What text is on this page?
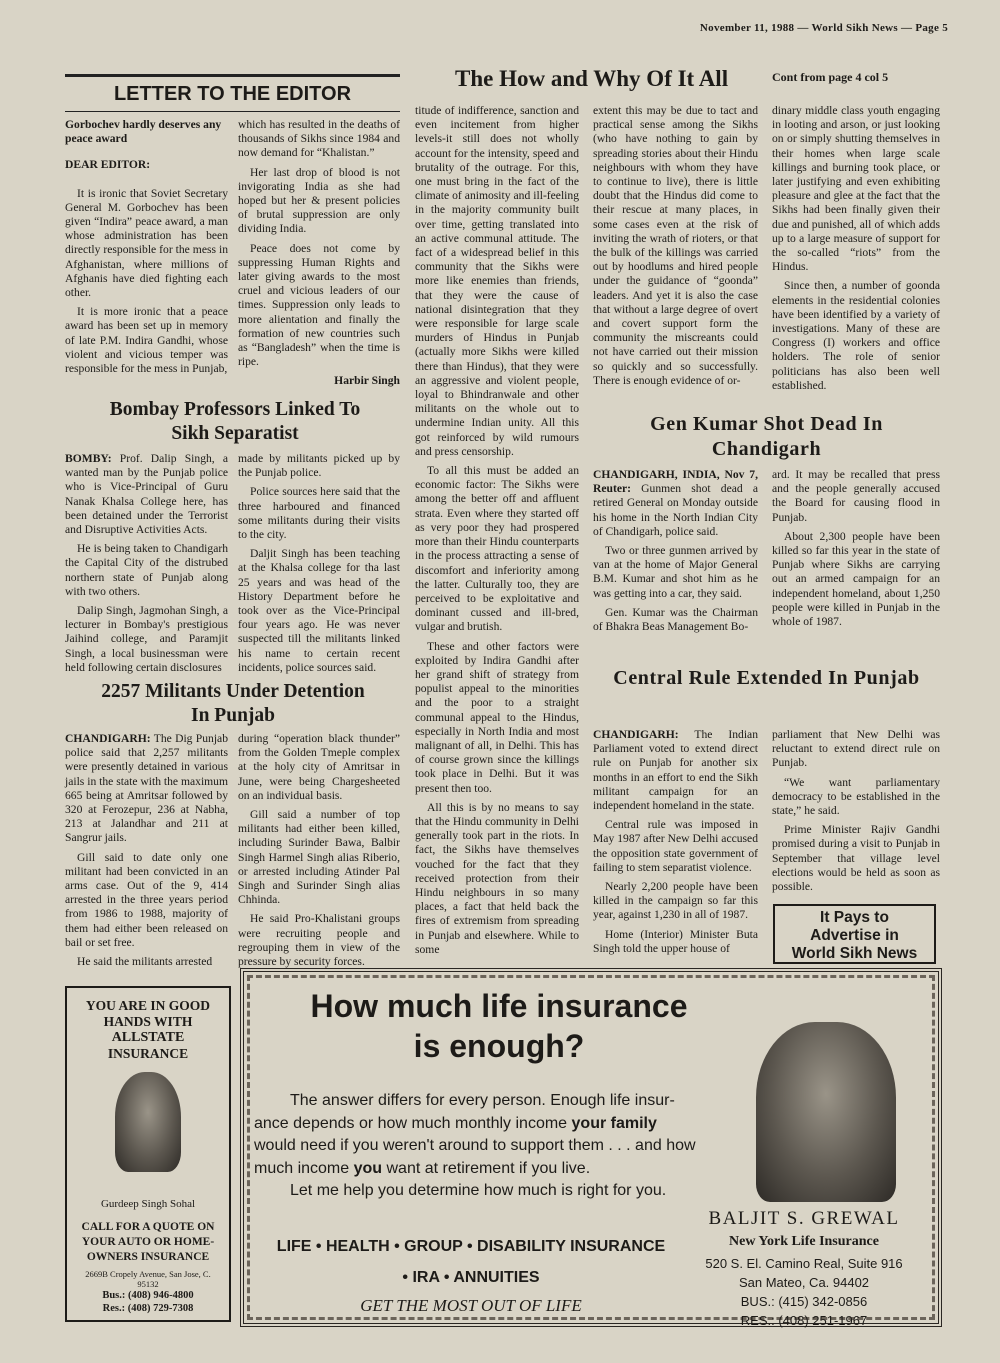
November 11, 1988 — World Sikh News — Page 5
LETTER TO THE EDITOR

Gorbochev hardly deserves any peace award

DEAR EDITOR:

It is ironic that Soviet Secretary General M. Gorbochev has been given “Indira” peace award, a man whose administration has been directly responsible for the mess in Afghanistan, where millions of Afghanis have died fighting each other.

It is more ironic that a peace award has been set up in memory of late P.M. Indira Gandhi, whose violent and vicious temper was responsible for the mess in Punjab,

which has resulted in the deaths of thousands of Sikhs since 1984 and now demand for “Khalistan.”

Her last drop of blood is not invigorating India as she had hoped but her & present policies of brutal suppression are only dividing India.

Peace does not come by suppressing Human Rights and later giving awards to the most cruel and vicious leaders of our times. Suppression only leads to more alientation and finally the formation of new countries such as “Bangladesh” when the time is ripe.

Harbir Singh

Bombay Professors Linked To Sikh Separatist

BOMBY: Prof. Dalip Singh, a wanted man by the Punjab police who is Vice-Principal of Guru Nanak Khalsa College here, has been detained under the Terrorist and Disruptive Activities Acts.

He is being taken to Chandigarh the Capital City of the distrubed northern state of Punjab along with two others.

Dalip Singh, Jagmohan Singh, a lecturer in Bombay's prestigious Jaihind college, and Paramjit Singh, a local businessman were held following certain disclosures

made by militants picked up by the Punjab police.

Police sources here said that the three harboured and financed some militants during their visits to the city.

Daljit Singh has been teaching at the Khalsa college for tha last 25 years and was head of the History Department before he took over as the Vice-Principal four years ago. He was never suspected till the militants linked his name to certain recent incidents, police sources said.

2257 Militants Under Detention In Punjab

CHANDIGARH: The Dig Punjab police said that 2,257 militants were presently detained in various jails in the state with the maximum 665 being at Amritsar followed by 320 at Ferozepur, 236 at Nabha, 213 at Jalandhar and 211 at Sangrur jails.

Gill said to date only one militant had been convicted in an arms case. Out of the 9, 414 arrested in the three years period from 1986 to 1988, majority of them had either been released on bail or set free.

He said the militants arrested

during “operation black thunder” from the Golden Tmeple complex at the holy city of Amritsar in June, were being Chargesheeted on an individual basis.

Gill said a number of top militants had either been killed, including Surinder Bawa, Balbir Singh Harmel Singh alias Riberio, or arrested including Atinder Pal Singh and Surinder Singh alias Chhinda.

He said Pro-Khalistani groups were recruiting people and regrouping them in view of the pressure by security forces.

The How and Why Of It All	Cont from page 4 col 5

titude of indifference, sanction and even incitement from higher levels-it still does not wholly account for the intensity, speed and brutality of the outrage. For this, one must bring in the fact of the climate of animosity and ill-feeling in the majority community built over time, getting translated into an active communal attitude. The fact of a widespread belief in this community that the Sikhs were more like enemies than friends, that they were the cause of national disintegration that they were responsible for large scale murders of Hindus in Punjab (actually more Sikhs were killed there than Hindus), that they were an aggressive and violent people, loyal to Bhindranwale and other militants on the whole out to undermine Indian unity. All this got reinforced by wild rumours and press censorship.

To all this must be added an economic factor: The Sikhs were among the better off and affluent strata. Even where they started off as very poor they had prospered more than their Hindu counterparts in the process attracting a sense of discomfort and inferiority among the latter. Culturally too, they are perceived to be exploitative and dominant cussed and ill-bred, vulgar and brutish.

These and other factors were exploited by Indira Gandhi after her grand shift of strategy from populist appeal to the minorities and the poor to a straight communal appeal to the Hindus, especially in North India and most malignant of all, in Delhi. This has of course grown since the killings took place in Delhi. But it was present then too.

All this is by no means to say that the Hindu community in Delhi generally took part in the riots. In fact, the Sikhs have themselves vouched for the fact that they received protection from their Hindu neighbours in so many places, a fact that held back the fires of extremism from spreading in Punjab and elsewhere. While to some

extent this may be due to tact and practical sense among the Sikhs (who have nothing to gain by spreading stories about their Hindu neighbours with whom they have to continue to live), there is little doubt that the Hindus did come to their rescue at many places, in some cases even at the risk of inviting the wrath of rioters, or that the bulk of the killings was carried out by hoodlums and hired people under the guidance of “goonda” leaders. And yet it is also the case that without a large degree of overt and covert support form the community the miscreants could not have carried out their mission so quickly and so successfully. There is enough evidence of or-

dinary middle class youth engaging in looting and arson, or just looking on or simply shutting themselves in their homes when large scale killings and burning took place, or later justifying and even exhibiting pleasure and glee at the fact that the Sikhs had been finally given their due and punished, all of which adds up to a large measure of support for the so-called “riots” from the Hindus.

Since then, a number of goonda elements in the residential colonies have been identified by a variety of investigations. Many of these are Congress (I) workers and office holders. The role of senior politicians has also been well established.

Gen Kumar Shot Dead In Chandigarh

CHANDIGARH, INDIA, Nov 7, Reuter: Gunmen shot dead a retired General on Monday outside his home in the North Indian City of Chandigarh, police said.

Two or three gunmen arrived by van at the home of Major General B.M. Kumar and shot him as he was getting into a car, they said.

Gen. Kumar was the Chairman of Bhakra Beas Management Bo-

ard. It may be recalled that press and the people generally accused the Board for causing flood in Punjab.

About 2,300 people have been killed so far this year in the state of Punjab where Sikhs are carrying out an armed campaign for an independent homeland, about 1,250 people were killed in Punjab in the whole of 1987.

Central Rule Extended In Punjab

CHANDIGARH: The Indian Parliament voted to extend direct rule on Punjab for another six months in an effort to end the Sikh militant campaign for an independent homeland in the state.

Central rule was imposed in May 1987 after New Delhi accused the opposition state government of failing to stem separatist violence.

Nearly 2,200 people have been killed in the campaign so far this year, against 1,230 in all of 1987.

Home (Interior) Minister Buta Singh told the upper house of

parliament that New Delhi was reluctant to extend direct rule on Punjab.

“We want parliamentary democracy to be established in the state,” he said.

Prime Minister Rajiv Gandhi promised during a visit to Punjab in September that village level elections would be held as soon as possible.

It Pays to
Advertise in
World Sikh News
YOU ARE IN GOOD
HANDS WITH
ALLSTATE
INSURANCE
Gurdeep Singh Sohal
CALL FOR A QUOTE ON
YOUR AUTO OR HOME-
OWNERS INSURANCE
2669B Cropely Avenue, San Jose, C.
95132
Bus.: (408) 946-4800
Res.: (408) 729-7308
How much life insurance
is enough?
The answer differs for every person. Enough life insur-
ance depends or how much monthly income your family
would need if you weren't around to support them . . . and how
much income you want at retirement if you live.
Let me help you determine how much is right for you.
BALJIT S. GREWAL
New York Life Insurance
520 S. El. Camino Real, Suite 916
San Mateo, Ca. 94402
BUS.: (415) 342-0856
RES.: (408) 251-1967
LIFE • HEALTH • GROUP • DISABILITY INSURANCE
• IRA • ANNUITIES
GET THE MOST OUT OF LIFE
